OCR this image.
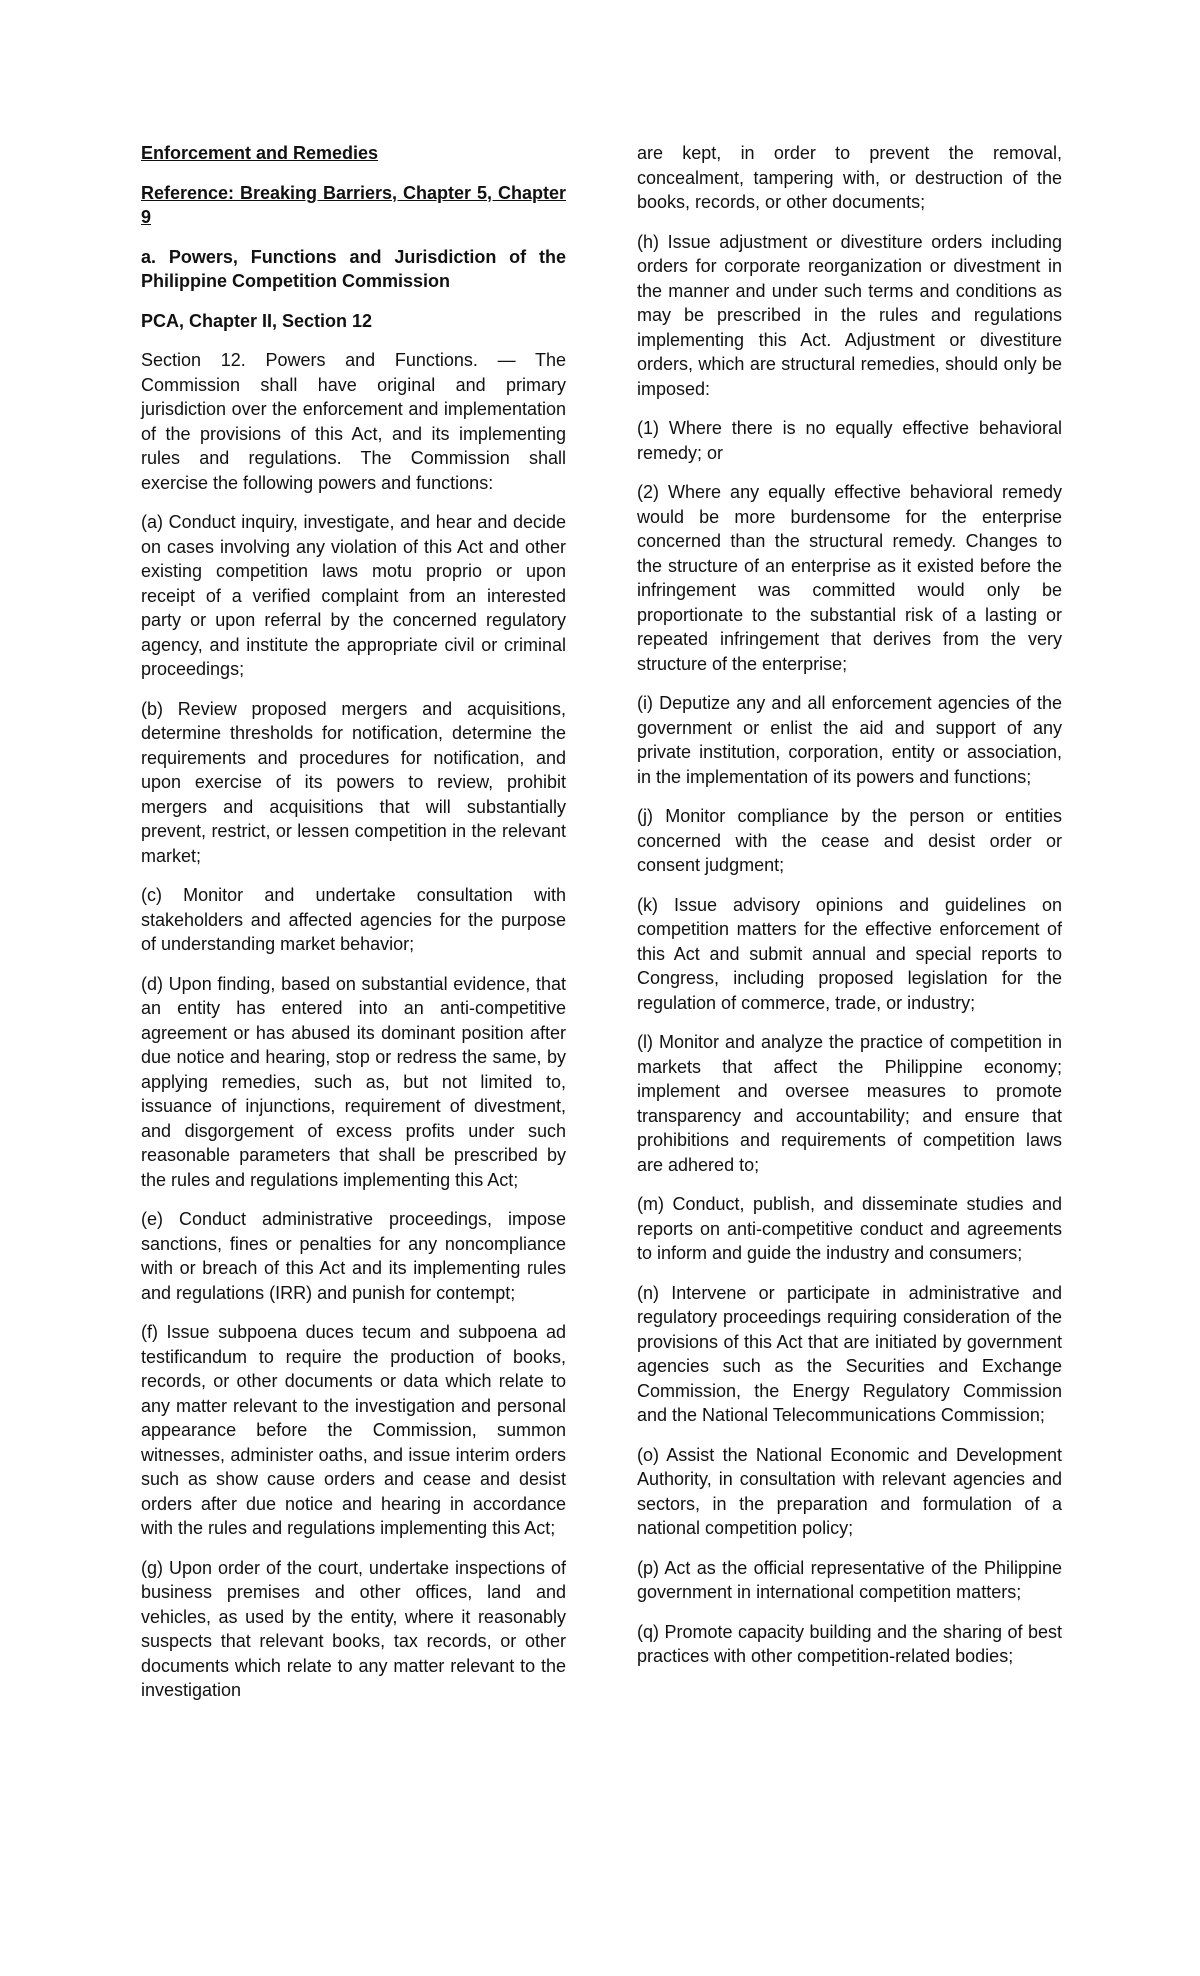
Enforcement and Remedies

Reference: Breaking Barriers, Chapter 5, Chapter 9

a. Powers, Functions and Jurisdiction of the Philippine Competition Commission

PCA, Chapter II, Section 12

Section 12. Powers and Functions. — The Commission shall have original and primary jurisdiction over the enforcement and implementation of the provisions of this Act, and its implementing rules and regulations. The Commission shall exercise the following powers and functions:

(a) Conduct inquiry, investigate, and hear and decide on cases involving any violation of this Act and other existing competition laws motu proprio or upon receipt of a verified complaint from an interested party or upon referral by the concerned regulatory agency, and institute the appropriate civil or criminal proceedings;

(b) Review proposed mergers and acquisitions, determine thresholds for notification, determine the requirements and procedures for notification, and upon exercise of its powers to review, prohibit mergers and acquisitions that will substantially prevent, restrict, or lessen competition in the relevant market;

(c) Monitor and undertake consultation with stakeholders and affected agencies for the purpose of understanding market behavior;

(d) Upon finding, based on substantial evidence, that an entity has entered into an anti-competitive agreement or has abused its dominant position after due notice and hearing, stop or redress the same, by applying remedies, such as, but not limited to, issuance of injunctions, requirement of divestment, and disgorgement of excess profits under such reasonable parameters that shall be prescribed by the rules and regulations implementing this Act;

(e) Conduct administrative proceedings, impose sanctions, fines or penalties for any noncompliance with or breach of this Act and its implementing rules and regulations (IRR) and punish for contempt;

(f) Issue subpoena duces tecum and subpoena ad testificandum to require the production of books, records, or other documents or data which relate to any matter relevant to the investigation and personal appearance before the Commission, summon witnesses, administer oaths, and issue interim orders such as show cause orders and cease and desist orders after due notice and hearing in accordance with the rules and regulations implementing this Act;

(g) Upon order of the court, undertake inspections of business premises and other offices, land and vehicles, as used by the entity, where it reasonably suspects that relevant books, tax records, or other documents which relate to any matter relevant to the investigation

are kept, in order to prevent the removal, concealment, tampering with, or destruction of the books, records, or other documents;

(h) Issue adjustment or divestiture orders including orders for corporate reorganization or divestment in the manner and under such terms and conditions as may be prescribed in the rules and regulations implementing this Act. Adjustment or divestiture orders, which are structural remedies, should only be imposed:

(1) Where there is no equally effective behavioral remedy; or

(2) Where any equally effective behavioral remedy would be more burdensome for the enterprise concerned than the structural remedy. Changes to the structure of an enterprise as it existed before the infringement was committed would only be proportionate to the substantial risk of a lasting or repeated infringement that derives from the very structure of the enterprise;

(i) Deputize any and all enforcement agencies of the government or enlist the aid and support of any private institution, corporation, entity or association, in the implementation of its powers and functions;

(j) Monitor compliance by the person or entities concerned with the cease and desist order or consent judgment;

(k) Issue advisory opinions and guidelines on competition matters for the effective enforcement of this Act and submit annual and special reports to Congress, including proposed legislation for the regulation of commerce, trade, or industry;

(l) Monitor and analyze the practice of competition in markets that affect the Philippine economy; implement and oversee measures to promote transparency and accountability; and ensure that prohibitions and requirements of competition laws are adhered to;

(m) Conduct, publish, and disseminate studies and reports on anti-competitive conduct and agreements to inform and guide the industry and consumers;

(n) Intervene or participate in administrative and regulatory proceedings requiring consideration of the provisions of this Act that are initiated by government agencies such as the Securities and Exchange Commission, the Energy Regulatory Commission and the National Telecommunications Commission;

(o) Assist the National Economic and Development Authority, in consultation with relevant agencies and sectors, in the preparation and formulation of a national competition policy;

(p) Act as the official representative of the Philippine government in international competition matters;

(q) Promote capacity building and the sharing of best practices with other competition-related bodies;
